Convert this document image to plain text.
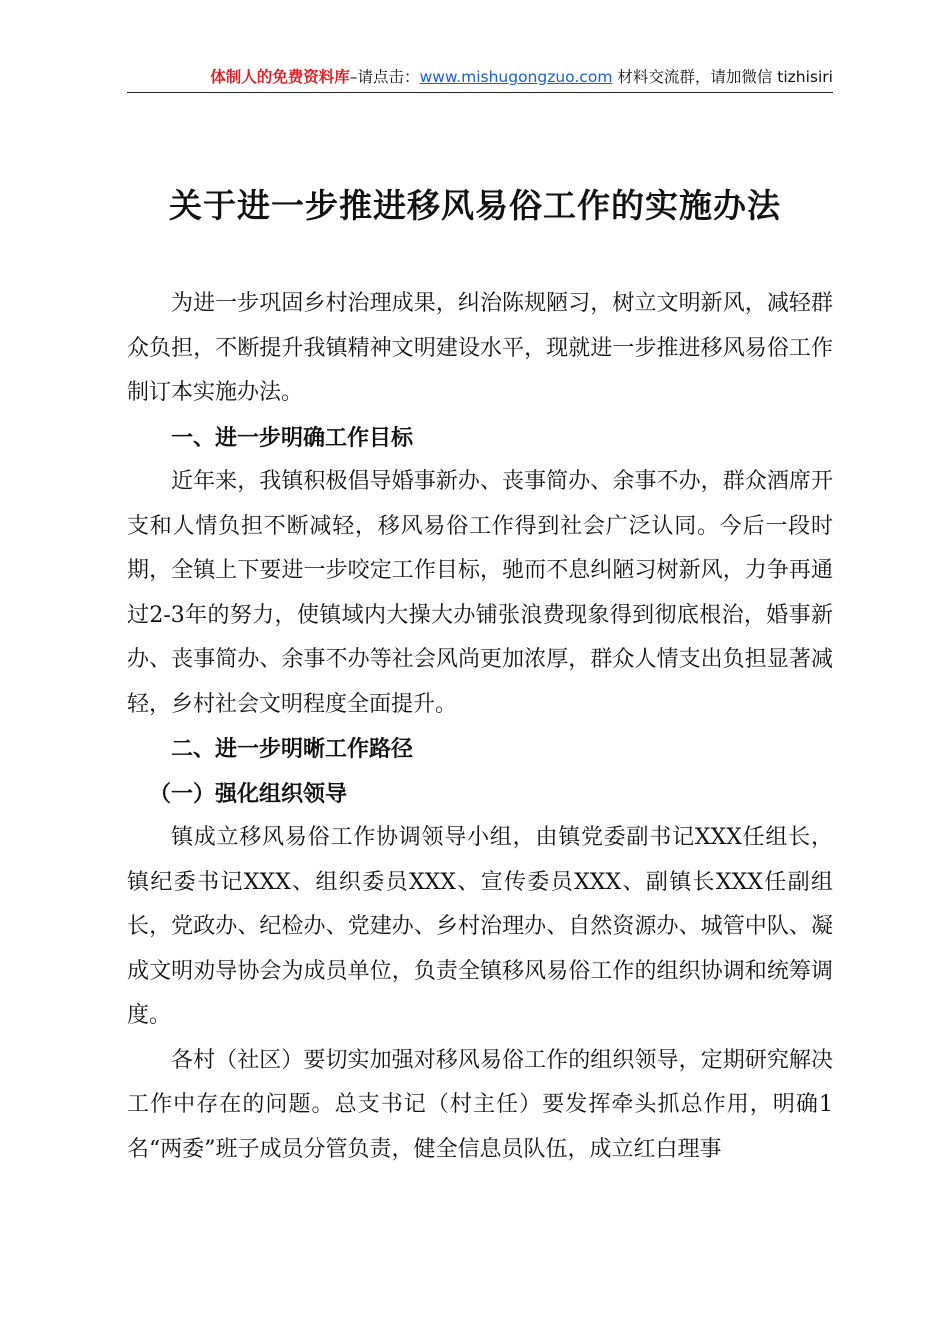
体制人的免费资料库–请点击：www.mishugongzuo.com 材料交流群，请加微信 tizhisiri
关于进一步推进移风易俗工作的实施办法

为进一步巩固乡村治理成果，纠治陈规陋习，树立文明新风，减轻群众负担，不断提升我镇精神文明建设水平，现就进一步推进移风易俗工作制订本实施办法。

一、进一步明确工作目标

近年来，我镇积极倡导婚事新办、丧事简办、余事不办，群众酒席开支和人情负担不断减轻，移风易俗工作得到社会广泛认同。今后一段时期，全镇上下要进一步咬定工作目标，驰而不息纠陋习树新风，力争再通过2-3年的努力，使镇域内大操大办铺张浪费现象得到彻底根治，婚事新办、丧事简办、余事不办等社会风尚更加浓厚，群众人情支出负担显著减轻，乡村社会文明程度全面提升。

二、进一步明晰工作路径
（一）强化组织领导

镇成立移风易俗工作协调领导小组，由镇党委副书记XXX任组长，镇纪委书记XXX、组织委员XXX、宣传委员XXX、副镇长XXX任副组长，党政办、纪检办、党建办、乡村治理办、自然资源办、城管中队、凝成文明劝导协会为成员单位，负责全镇移风易俗工作的组织协调和统筹调度。

各村（社区）要切实加强对移风易俗工作的组织领导，定期研究解决工作中存在的问题。总支书记（村主任）要发挥牵头抓总作用，明确1名“两委”班子成员分管负责，健全信息员队伍，成立红白理事
